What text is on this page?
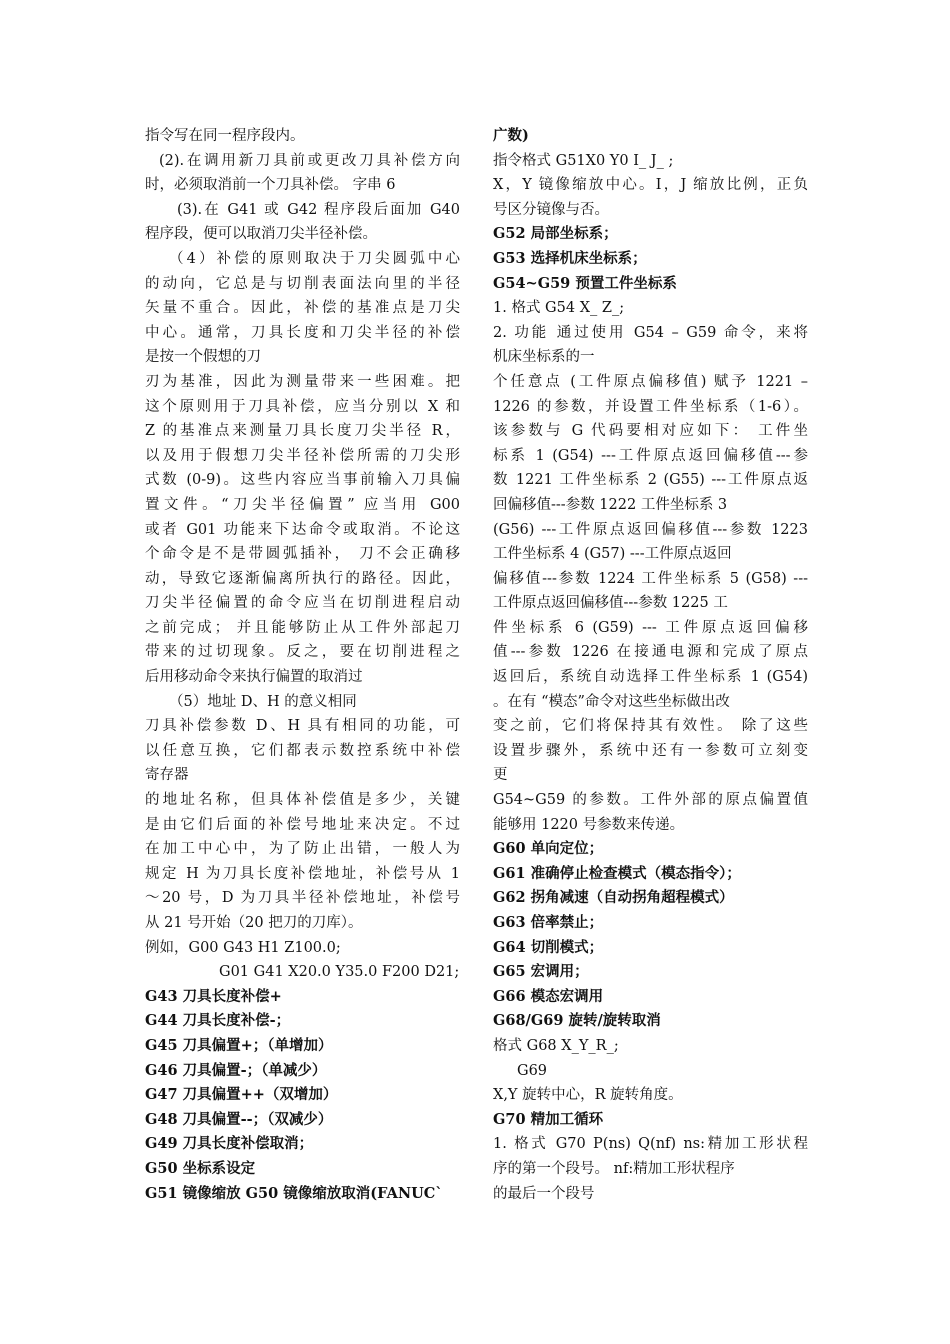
指令写在同一程序段内。
(2).在调用新刀具前或更改刀具补偿方向
时，必须取消前一个刀具补偿。 字串 6
(3).在 G41 或 G42 程序段后面加 G40
程序段，便可以取消刀尖半径补偿。
（4）补偿的原则取决于刀尖圆弧中心
的动向，它总是与切削表面法向里的半径
矢量不重合。因此，补偿的基准点是刀尖
中心。通常，刀具长度和刀尖半径的补偿
是按一个假想的刀
刃为基准，因此为测量带来一些困难。把
这个原则用于刀具补偿，应当分别以 X 和
Z 的基准点来测量刀具长度刀尖半径 R，
以及用于假想刀尖半径补偿所需的刀尖形
式数 (0-9)。这些内容应当事前输入刀具偏
置文件。“刀尖半径偏置” 应当用 G00
或者 G01 功能来下达命令或取消。不论这
个命令是不是带圆弧插补， 刀不会正确移
动，导致它逐渐偏离所执行的路径。因此，
刀尖半径偏置的命令应当在切削进程启动
之前完成； 并且能够防止从工件外部起刀
带来的过切现象。反之，要在切削进程之
后用移动命令来执行偏置的取消过
（5）地址 D、H 的意义相同
刀具补偿参数 D、H 具有相同的功能，可
以任意互换，它们都表示数控系统中补偿
寄存器
的地址名称，但具体补偿值是多少，关键
是由它们后面的补偿号地址来决定。不过
在加工中心中，为了防止出错，一般人为
规定 H 为刀具长度补偿地址，补偿号从 1
～20 号，D 为刀具半径补偿地址，补偿号
从 21 号开始（20 把刀的刀库）。
例如，G00 G43 H1 Z100.0;
G01 G41 X20.0 Y35.0 F200 D21;
G43 刀具长度补偿+
G44 刀具长度补偿-；
G45 刀具偏置+；（单增加）
G46 刀具偏置-；（单减少）
G47 刀具偏置++（双增加）
G48 刀具偏置--；（双减少）
G49 刀具长度补偿取消；
G50 坐标系设定
G51 镜像缩放 G50 镜像缩放取消(FANUC`
广数)
指令格式 G51X0 Y0 I_ J_ ;
X，Y 镜像缩放中心。I，J 缩放比例，正负
号区分镜像与否。
G52 局部坐标系；
G53 选择机床坐标系；
G54~G59 预置工件坐标系
1. 格式 G54 X_ Z_;
2. 功能 通过使用 G54 – G59 命令，来将
机床坐标系的一
个任意点 (工件原点偏移值) 赋予 1221 –
1226 的参数，并设置工件坐标系（1-6）。
该参数与 G 代码要相对应如下： 工件坐
标系 1 (G54) ---工件原点返回偏移值---参
数 1221 工件坐标系 2 (G55) ---工件原点返
回偏移值---参数 1222 工件坐标系 3
(G56) ---工件原点返回偏移值---参数 1223
工件坐标系 4 (G57) ---工件原点返回
偏移值---参数 1224 工件坐标系 5 (G58) ---
工件原点返回偏移值---参数 1225 工
件坐标系 6 (G59) --- 工件原点返回偏移
值---参数 1226 在接通电源和完成了原点
返回后，系统自动选择工件坐标系 1 (G54)
。在有 “模态”命令对这些坐标做出改
变之前，它们将保持其有效性。 除了这些
设置步骤外，系统中还有一参数可立刻变
更
G54~G59 的参数。工件外部的原点偏置值
能够用 1220 号参数来传递。
G60 单向定位；
G61 准确停止检查模式（模态指令）；
G62 拐角减速（自动拐角超程模式）
G63 倍率禁止；
G64 切削模式；
G65 宏调用；
G66 模态宏调用
G68/G69 旋转/旋转取消
格式 G68 X_Y_R_;
G69
X,Y 旋转中心，R 旋转角度。
G70 精加工循环
1. 格式 G70 P(ns) Q(nf) ns:精加工形状程
序的第一个段号。 nf:精加工形状程序
的最后一个段号
